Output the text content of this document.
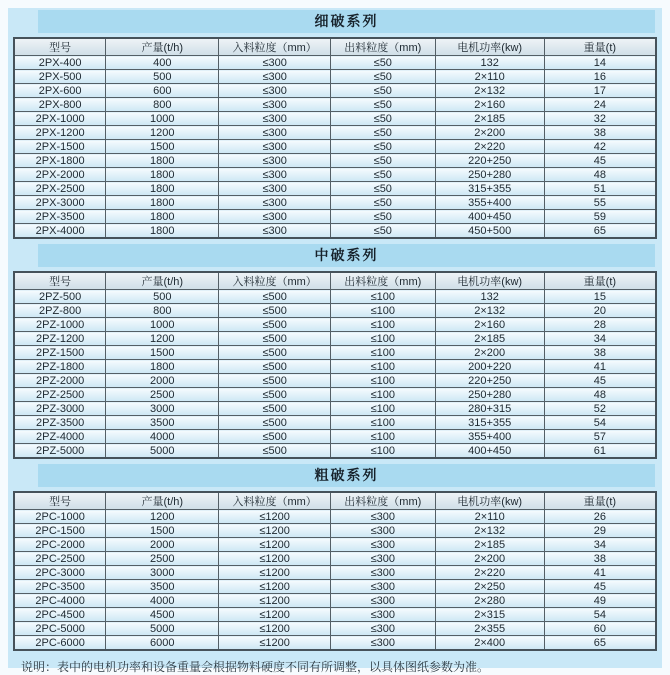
细破系列
型号	产量(t/h)	入料粒度（mm）	出料粒度（mm)	电机功率(kw)	重量(t)
2PX-400	400	≤300	≤50	132	14
2PX-500	500	≤300	≤50	2×110	16
2PX-600	600	≤300	≤50	2×132	17
2PX-800	800	≤300	≤50	2×160	24
2PX-1000	1000	≤300	≤50	2×185	32
2PX-1200	1200	≤300	≤50	2×200	38
2PX-1500	1500	≤300	≤50	2×220	42
2PX-1800	1800	≤300	≤50	220+250	45
2PX-2000	1800	≤300	≤50	250+280	48
2PX-2500	1800	≤300	≤50	315+355	51
2PX-3000	1800	≤300	≤50	355+400	55
2PX-3500	1800	≤300	≤50	400+450	59
2PX-4000	1800	≤300	≤50	450+500	65
中破系列
型号	产量(t/h)	入料粒度（mm）	出料粒度（mm)	电机功率(kw)	重量(t)
2PZ-500	500	≤500	≤100	132	15
2PZ-800	800	≤500	≤100	2×132	20
2PZ-1000	1000	≤500	≤100	2×160	28
2PZ-1200	1200	≤500	≤100	2×185	34
2PZ-1500	1500	≤500	≤100	2×200	38
2PZ-1800	1800	≤500	≤100	200+220	41
2PZ-2000	2000	≤500	≤100	220+250	45
2PZ-2500	2500	≤500	≤100	250+280	48
2PZ-3000	3000	≤500	≤100	280+315	52
2PZ-3500	3500	≤500	≤100	315+355	54
2PZ-4000	4000	≤500	≤100	355+400	57
2PZ-5000	5000	≤500	≤100	400+450	61
粗破系列
型号	产量(t/h)	入料粒度（mm）	出料粒度（mm)	电机功率(kw)	重量(t)
2PC-1000	1200	≤1200	≤300	2×110	26
2PC-1500	1500	≤1200	≤300	2×132	29
2PC-2000	2000	≤1200	≤300	2×185	34
2PC-2500	2500	≤1200	≤300	2×200	38
2PC-3000	3000	≤1200	≤300	2×220	41
2PC-3500	3500	≤1200	≤300	2×250	45
2PC-4000	4000	≤1200	≤300	2×280	49
2PC-4500	4500	≤1200	≤300	2×315	54
2PC-5000	5000	≤1200	≤300	2×355	60
2PC-6000	6000	≤1200	≤300	2×400	65
说明：表中的电机功率和设备重量会根据物料硬度不同有所调整，以具体图纸参数为准。
